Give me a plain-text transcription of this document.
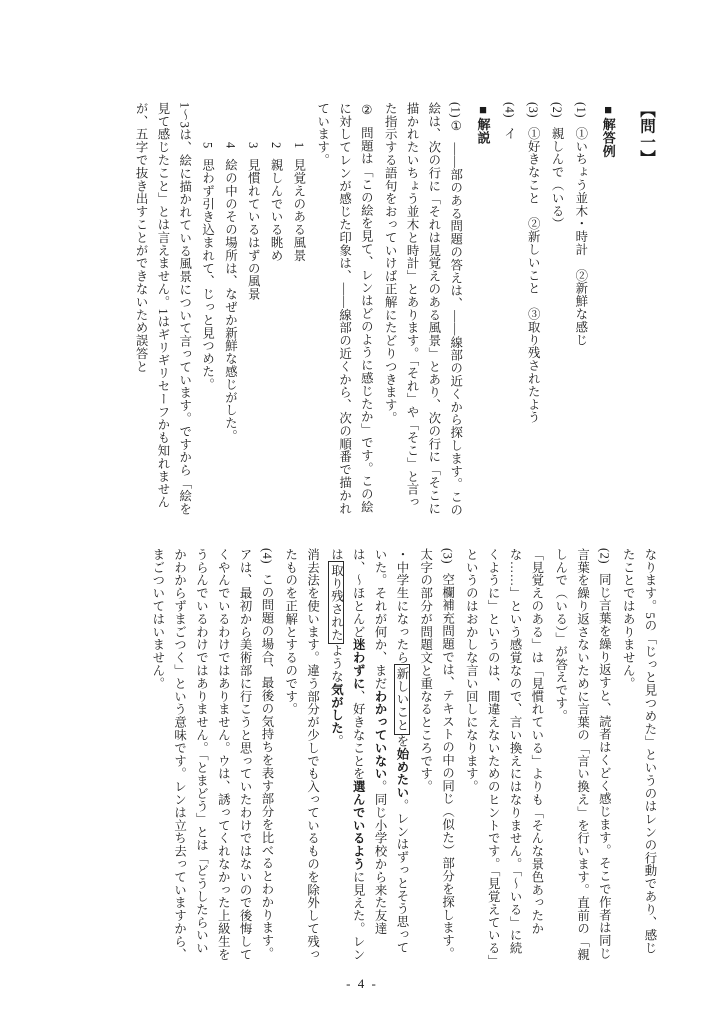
【問一】

■解答例

(1)①いちょう並木・時計　②新鮮な感じ

(2)親しんで（いる）

(3)①好きなこと　②新しいこと　③取り残されたよう

(4)イ

■解説

(1)①――部のある問題の答えは、――線部の近くから探します。この絵は、次の行に「それは見覚えのある風景」とあり、次の行に「そこに描かれたいちょう並木と時計」とあります。「それ」や「そこ」と言った指示する語句をおっていけば正解にたどりつきます。

②問題は「この絵を見て、レンはどのように感じたか」です。この絵に対してレンが感じた印象は、――線部の近くから、次の順番で描かれています。

1見覚えのある風景

2親しんでいる眺め

3見慣れているはずの風景

4絵の中のその場所は、なぜか新鮮な感じがした。

5思わず引き込まれて、じっと見つめた。

1〜3は、絵に描かれている風景について言っています。ですから「絵を見て感じたこと」とは言えません。1はギリギリセーフかも知れませんが、五字で抜き出すことができないため誤答と

なります。5の「じっと見つめた」というのはレンの行動であり、感じたことではありません。

(2)同じ言葉を繰り返すと、読者はくどく感じます。そこで作者は同じ言葉を繰り返さないために言葉の「言い換え」を行います。直前の「親しんで（いる）」が答えです。

「見覚えのある」は「見慣れている」よりも「そんな景色あったかな……」という感覚なので、言い換えにはなりません。「〜いる」に続くように」というのは、間違えないためのヒントです。「見覚えている」というのはおかしな言い回しになります。

(3)空欄補充問題では、テキストの中の同じ（似た）部分を探します。太字の部分が問題文と重なるところです。

・中学生になったら新しいことを始めたい。レンはずっとそう思っていた。それが何か、まだわかっていない。同じ小学校から来た友達は、〜ほとんど迷わずに、好きなことを選んでいるように見えた。レンは取り残されたような気がした。

消去法を使います。違う部分が少しでも入っているものを除外して残ったものを正解とするのです。

(4)この問題の場合、最後の気持ちを表す部分を比べるとわかります。アは、最初から美術部に行こうと思っていたわけではないので後悔してくやんでいるわけではありません。ウは、誘ってくれなかった上級生をうらんでいるわけではありません。「とまどう」とは「どうしたらいいかわからずまごつく」という意味です。レンは立ち去っていますから、まごついてはいません。

- 4 -
